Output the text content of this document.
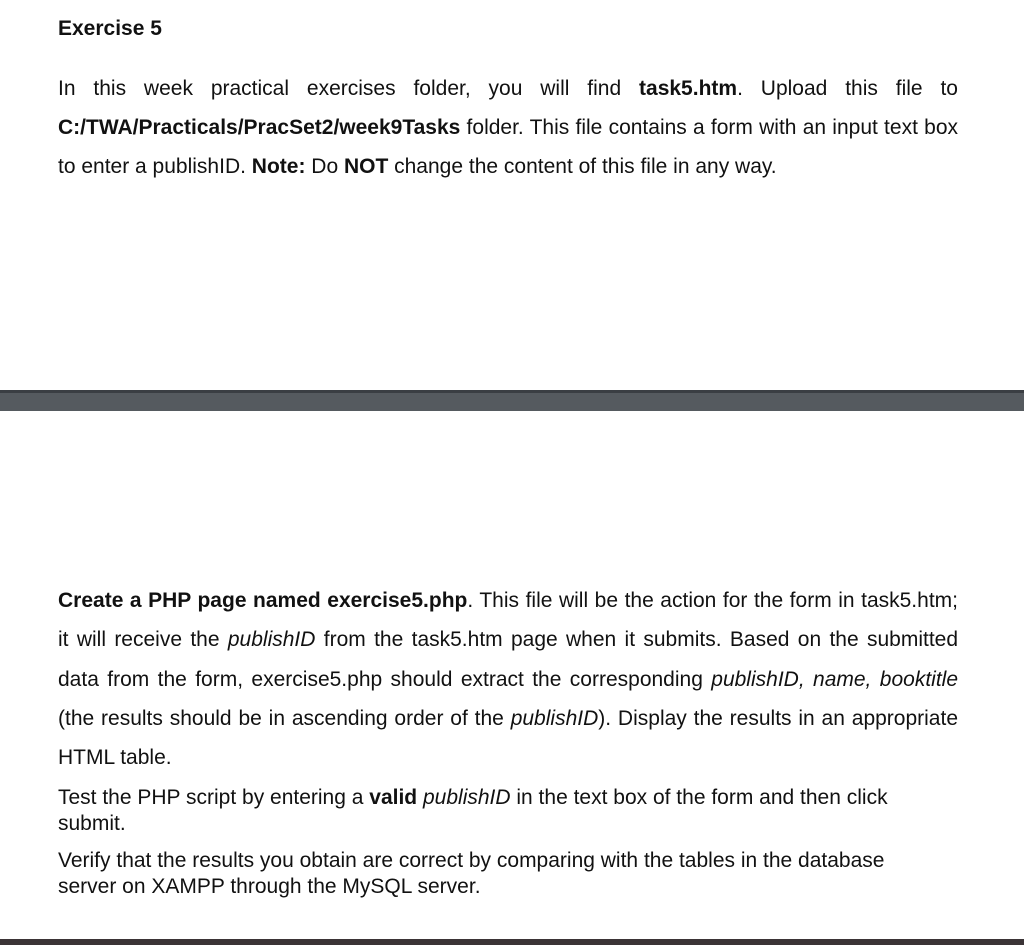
Exercise 5

In this week practical exercises folder, you will find task5.htm. Upload this file to C:/TWA/Practicals/PracSet2/week9Tasks folder. This file contains a form with an input text box to enter a publishID. Note: Do NOT change the content of this file in any way.

Create a PHP page named exercise5.php. This file will be the action for the form in task5.htm; it will receive the publishID from the task5.htm page when it submits. Based on the submitted data from the form, exercise5.php should extract the corresponding publishID, name, booktitle (the results should be in ascending order of the publishID). Display the results in an appropriate HTML table.

Test the PHP script by entering a valid publishID in the text box of the form and then click submit.

Verify that the results you obtain are correct by comparing with the tables in the database server on XAMPP through the MySQL server.
